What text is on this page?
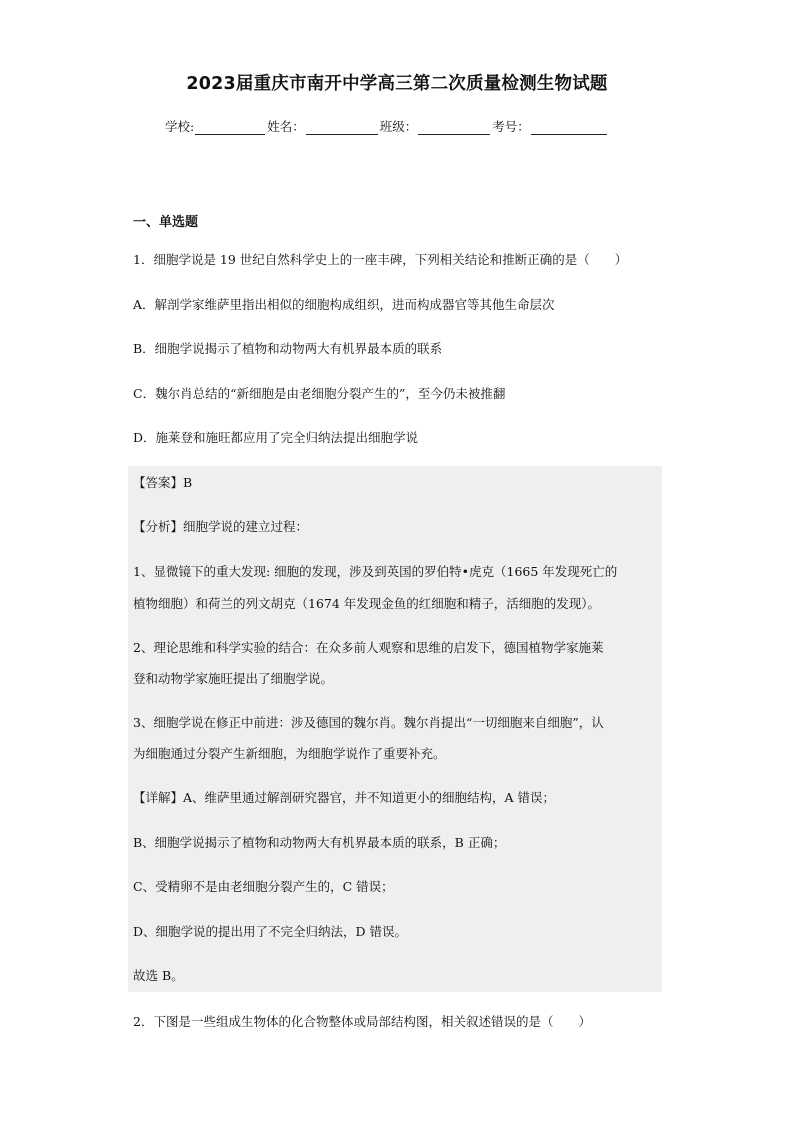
2023届重庆市南开中学高三第二次质量检测生物试题
学校:	姓名：	班级：	考号：
一、单选题
1．细胞学说是 19 世纪自然科学史上的一座丰碑，下列相关结论和推断正确的是（　　）
A．解剖学家维萨里指出相似的细胞构成组织，进而构成器官等其他生命层次
B．细胞学说揭示了植物和动物两大有机界最本质的联系
C．魏尔肖总结的“新细胞是由老细胞分裂产生的”，至今仍未被推翻
D．施莱登和施旺都应用了完全归纳法提出细胞学说
【答案】B
【分析】细胞学说的建立过程：
1、显微镜下的重大发现: 细胞的发现，涉及到英国的罗伯特•虎克（1665 年发现死亡的
植物细胞）和荷兰的列文胡克（1674 年发现金鱼的红细胞和精子，活细胞的发现）。
2、理论思维和科学实验的结合：在众多前人观察和思维的启发下，德国植物学家施莱
登和动物学家施旺提出了细胞学说。
3、细胞学说在修正中前进：涉及德国的魏尔肖。魏尔肖提出“一切细胞来自细胞”，认
为细胞通过分裂产生新细胞，为细胞学说作了重要补充。
【详解】A、维萨里通过解剖研究器官，并不知道更小的细胞结构，A 错误；
B、细胞学说揭示了植物和动物两大有机界最本质的联系，B 正确；
C、受精卵不是由老细胞分裂产生的，C 错误；
D、细胞学说的提出用了不完全归纳法，D 错误。
故选 B。
2．下图是一些组成生物体的化合物整体或局部结构图，相关叙述错误的是（　　）
